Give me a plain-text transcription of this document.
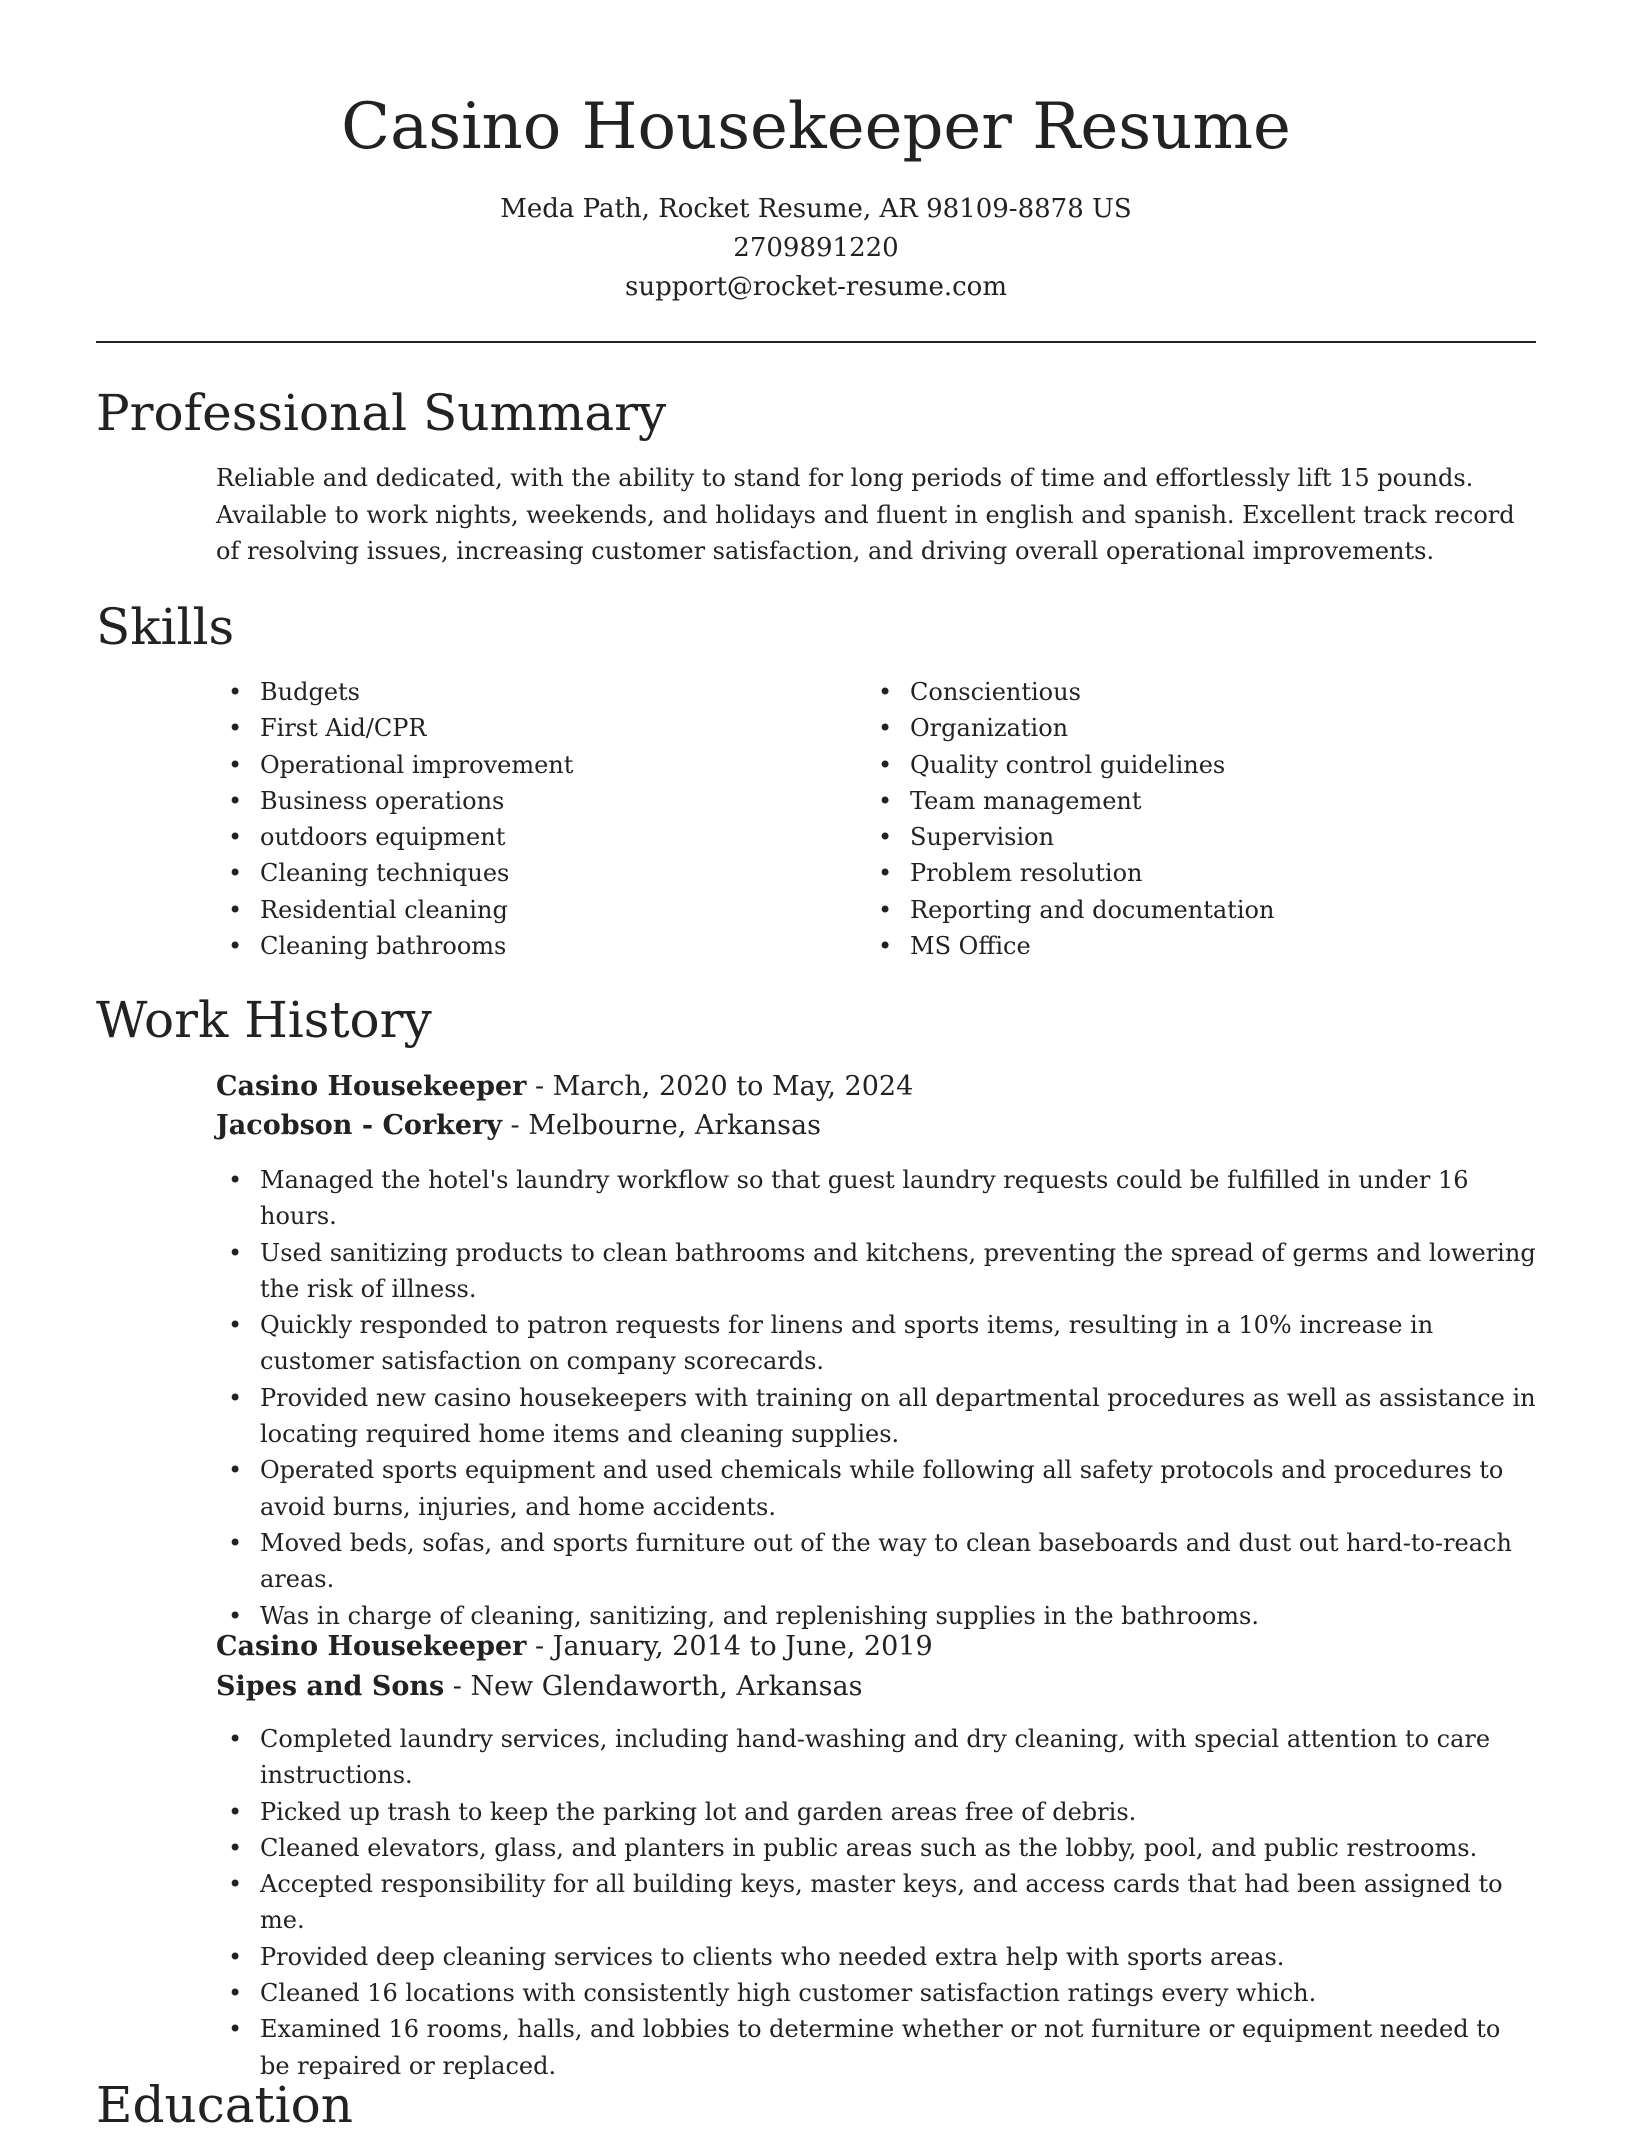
Casino Housekeeper Resume
Meda Path, Rocket Resume, AR 98109-8878 US
2709891220
support@rocket-resume.com
Professional Summary
Reliable and dedicated, with the ability to stand for long periods of time and effortlessly lift 15 pounds. Available to work nights, weekends, and holidays and fluent in english and spanish. Excellent track record of resolving issues, increasing customer satisfaction, and driving overall operational improvements.
Skills
• Budgets
• First Aid/CPR
• Operational improvement
• Business operations
• outdoors equipment
• Cleaning techniques
• Residential cleaning
• Cleaning bathrooms
• Conscientious
• Organization
• Quality control guidelines
• Team management
• Supervision
• Problem resolution
• Reporting and documentation
• MS Office
Work History
Casino Housekeeper - March, 2020 to May, 2024
Jacobson - Corkery - Melbourne, Arkansas
• Managed the hotel's laundry workflow so that guest laundry requests could be fulfilled in under 16 hours.
• Used sanitizing products to clean bathrooms and kitchens, preventing the spread of germs and lowering the risk of illness.
• Quickly responded to patron requests for linens and sports items, resulting in a 10% increase in customer satisfaction on company scorecards.
• Provided new casino housekeepers with training on all departmental procedures as well as assistance in locating required home items and cleaning supplies.
• Operated sports equipment and used chemicals while following all safety protocols and procedures to avoid burns, injuries, and home accidents.
• Moved beds, sofas, and sports furniture out of the way to clean baseboards and dust out hard-to-reach areas.
• Was in charge of cleaning, sanitizing, and replenishing supplies in the bathrooms.
Casino Housekeeper - January, 2014 to June, 2019
Sipes and Sons - New Glendaworth, Arkansas
• Completed laundry services, including hand-washing and dry cleaning, with special attention to care instructions.
• Picked up trash to keep the parking lot and garden areas free of debris.
• Cleaned elevators, glass, and planters in public areas such as the lobby, pool, and public restrooms.
• Accepted responsibility for all building keys, master keys, and access cards that had been assigned to me.
• Provided deep cleaning services to clients who needed extra help with sports areas.
• Cleaned 16 locations with consistently high customer satisfaction ratings every which.
• Examined 16 rooms, halls, and lobbies to determine whether or not furniture or equipment needed to be repaired or replaced.
Education
